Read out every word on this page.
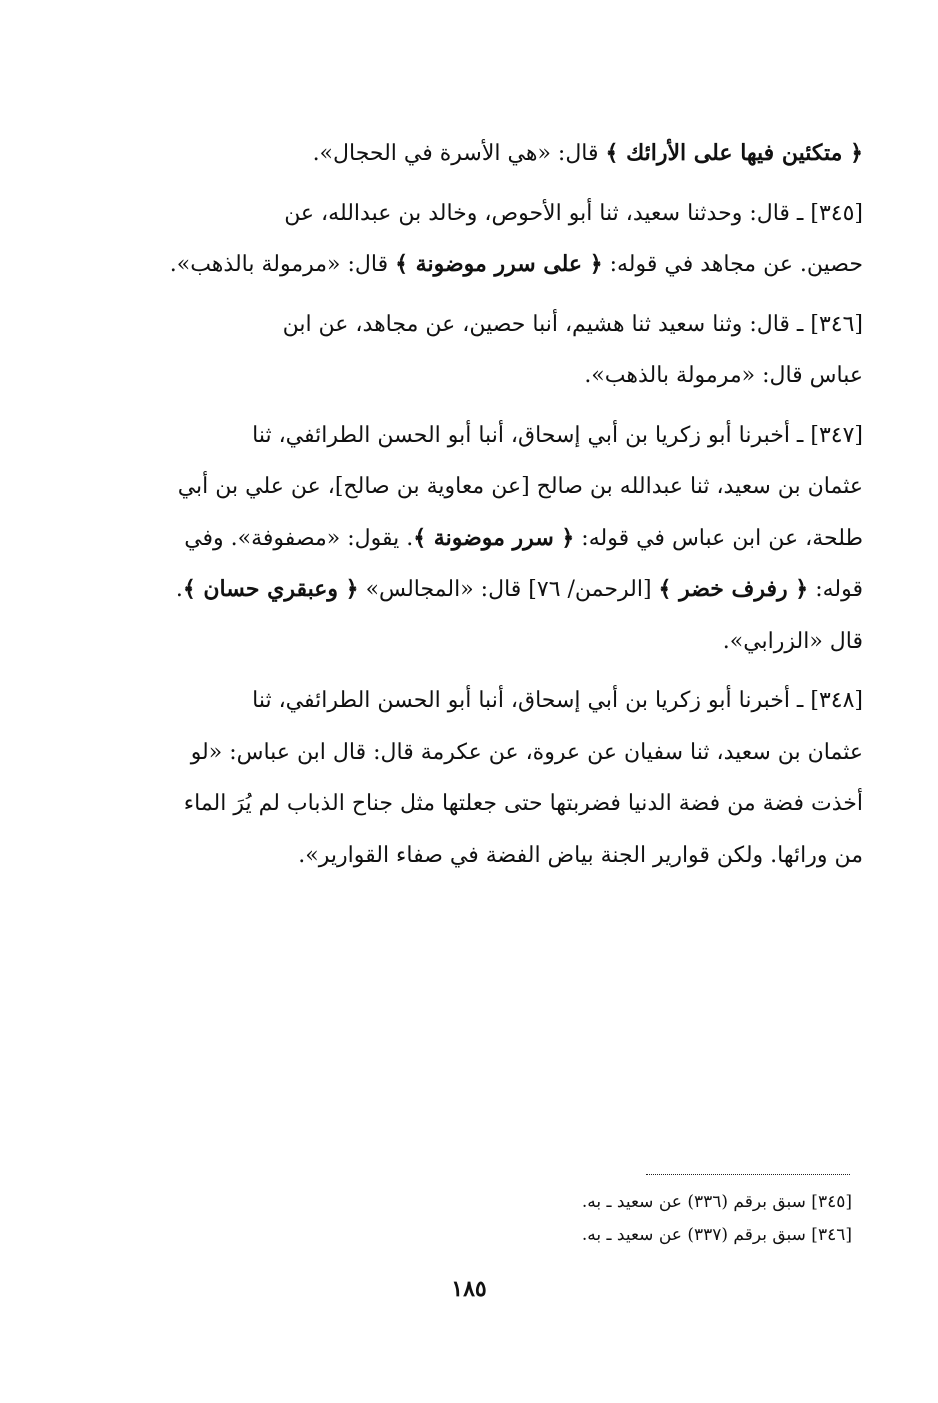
﴿ متكئين فيها على الأرائك ﴾ قال: «هي الأسرة في الحجال».
[٣٤٥] ـ قال: وحدثنا سعيد، ثنا أبو الأحوص، وخالد بن عبدالله، عن
حصين. عن مجاهد في قوله: ﴿ على سرر موضونة ﴾ قال: «مرمولة بالذهب».
[٣٤٦] ـ قال: وثنا سعيد ثنا هشيم، أنبا حصين، عن مجاهد، عن ابن
عباس قال: «مرمولة بالذهب».
[٣٤٧] ـ أخبرنا أبو زكريا بن أبي إسحاق، أنبا أبو الحسن الطرائفي، ثنا
عثمان بن سعيد، ثنا عبدالله بن صالح [عن معاوية بن صالح]، عن علي بن أبي
طلحة، عن ابن عباس في قوله: ﴿ سرر موضونة ﴾. يقول: «مصفوفة». وفي
قوله: ﴿ رفرف خضر ﴾ [الرحمن/ ٧٦] قال: «المجالس» ﴿ وعبقري حسان ﴾.
قال «الزرابي».
[٣٤٨] ـ أخبرنا أبو زكريا بن أبي إسحاق، أنبا أبو الحسن الطرائفي، ثنا
عثمان بن سعيد، ثنا سفيان عن عروة، عن عكرمة قال: قال ابن عباس: «لو
أخذت فضة من فضة الدنيا فضربتها حتى جعلتها مثل جناح الذباب لم يُرَ الماء
من ورائها. ولكن قوارير الجنة بياض الفضة في صفاء القوارير».
[٣٤٥] سبق برقم (٣٣٦) عن سعيد ـ به.
[٣٤٦] سبق برقم (٣٣٧) عن سعيد ـ به.
١٨٥
